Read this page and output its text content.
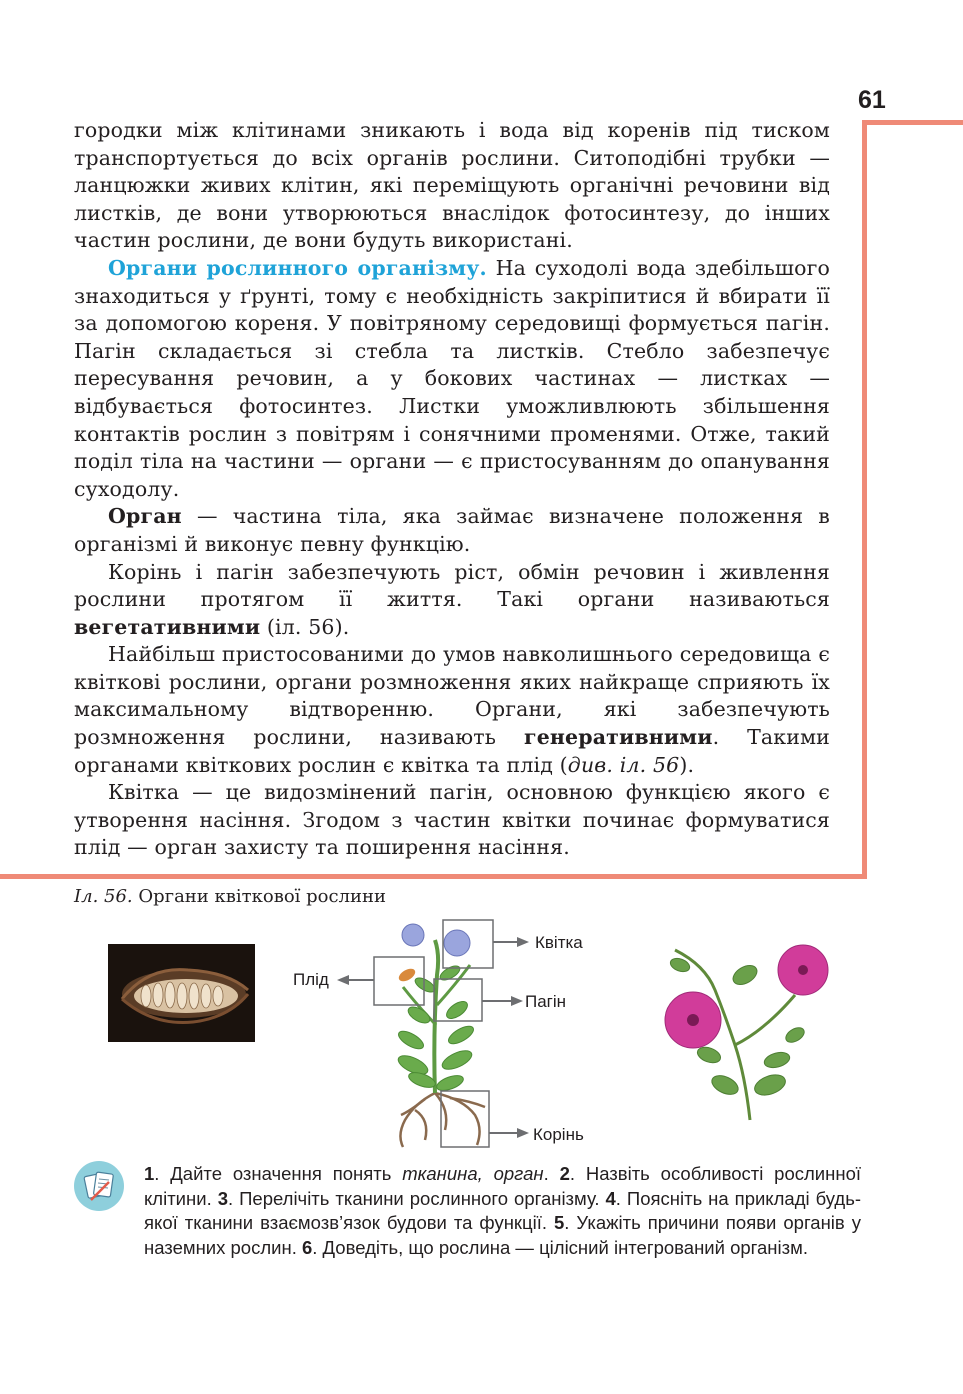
61

городки між клітинами зникають і вода від коренів під тиском транспортується до всіх органів рослини. Ситоподібні трубки — ланцюжки живих клітин, які переміщують органічні речовини від листків, де вони утворюються внаслідок фотосинтезу, до інших частин рослини, де вони будуть використані.

Органи рослинного організму. На суходолі вода здебільшого знаходиться у ґрунті, тому є необхідність закріпитися й вбирати її за допомогою кореня. У повітряному середовищі формується пагін. Пагін складається зі стебла та листків. Стебло забезпечує пересування речовин, а у бокових частинах — листках — відбувається фотосинтез. Листки уможливлюють збільшення контактів рослин з повітрям і сонячними променями. Отже, такий поділ тіла на частини — органи — є пристосуванням до опанування суходолу.

Орган — частина тіла, яка займає визначене положення в організмі й виконує певну функцію.

Корінь і пагін забезпечують ріст, обмін речовин і живлення рослини протягом її життя. Такі органи називаються вегетативними (іл. 56).

Найбільш пристосованими до умов навколишнього середовища є квіткові рослини, органи розмноження яких найкраще сприяють їх максимальному відтворенню. Органи, які забезпечують розмноження рослини, називають генеративними. Такими органами квіткових рослин є квітка та плід (див. іл. 56).

Квітка — це видозмінений пагін, основною функцією якого є утворення насіння. Згодом з частин квітки починає формуватися плід — орган захисту та поширення насіння.

Іл. 56. Органи квіткової рослини
Квітка
Плід
Пагін
Корінь
1. Дайте означення понять тканина, орган. 2. Назвіть особливості рослинної клітини. 3. Перелічіть тканини рослинного організму. 4. Поясніть на прикладі будь-якої тканини взаємозв’язок будови та функції. 5. Укажіть причини появи органів у наземних рослин. 6. Доведіть, що рослина — цілісний інтегрований організм.
